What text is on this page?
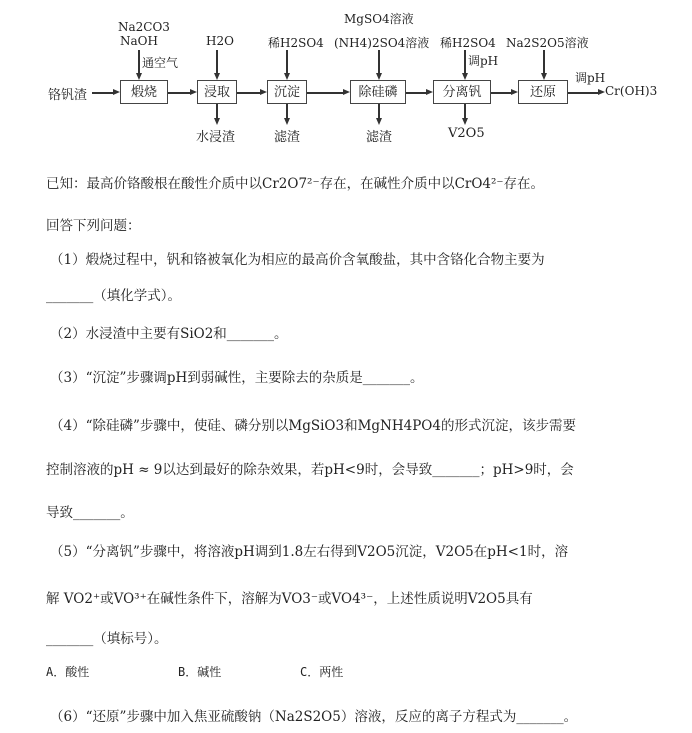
铬钒渣	煅烧	浸取	沉淀	除硅磷	分离钒	还原	Cr(OH)3
调pH
Na2CO3
NaOH
通空气
H2O	稀H2SO4
MgSO4溶液
(NH4)2SO4溶液 稀H2SO4
调pH
Na2S2O5溶液
水浸渣	滤渣	滤渣	V2O5
已知：最高价铬酸根在酸性介质中以Cr2O7²⁻存在，在碱性介质中以CrO4²⁻存在。
回答下列问题：
（1）煅烧过程中，钒和铬被氧化为相应的最高价含氧酸盐，其中含铬化合物主要为
_______（填化学式）。
（2）水浸渣中主要有SiO2和_______。
（3）“沉淀”步骤调pH到弱碱性，主要除去的杂质是_______。
（4）“除硅磷”步骤中，使硅、磷分别以MgSiO3和MgNH4PO4的形式沉淀，该步需要
控制溶液的pH ≈ 9以达到最好的除杂效果，若pH<9时，会导致_______；pH>9时，会
导致_______。
（5）“分离钒”步骤中，将溶液pH调到1.8左右得到V2O5沉淀，V2O5在pH<1时，溶
解 VO2⁺或VO³⁺在碱性条件下，溶解为VO3⁻或VO4³⁻，上述性质说明V2O5具有
_______（填标号）。
A．酸性	B．碱性	C．两性
（6）“还原”步骤中加入焦亚硫酸钠（Na2S2O5）溶液，反应的离子方程式为_______。
